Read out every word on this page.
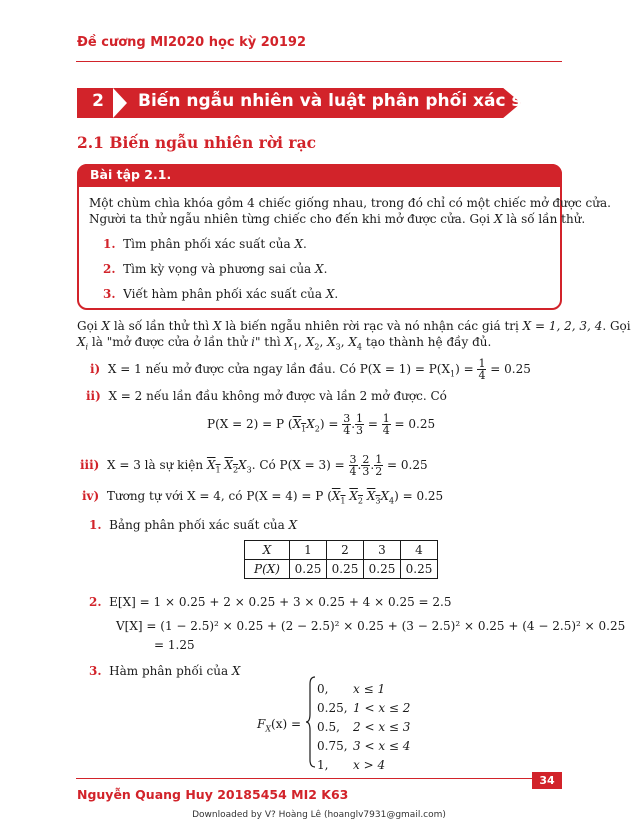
Đề cương MI2020 học kỳ 20192
2	Biến ngẫu nhiên và luật phân phối xác suất
2.1 Biến ngẫu nhiên rời rạc
Bài tập 2.1.
Một chùm chìa khóa gồm 4 chiếc giống nhau, trong đó chỉ có một chiếc mở được cửa.
Người ta thử ngẫu nhiên từng chiếc cho đến khi mở được cửa. Gọi X là số lần thử.
1. Tìm phân phối xác suất của X.
2. Tìm kỳ vọng và phương sai của X.
3. Viết hàm phân phối xác suất của X.
Gọi X là số lần thử thì X là biến ngẫu nhiên rời rạc và nó nhận các giá trị X = 1, 2, 3, 4. Gọi
$X_i$ là "mở được cửa ở lần thử i" thì $X_1$, $X_2$, $X_3$, $X_4$ tạo thành hệ đầy đủ.
i) X = 1 nếu mở được cửa ngay lần đầu. Có $P(X = 1) = P(X_1) = \frac{1}{4} = 0.25$
ii) X = 2 nếu lần đầu không mở được và lần 2 mở được. Có
P(X = 2) = P $(X_1X_2) = \frac{3}{4}$ . $\frac{1}{3} = \frac{1}{4} = 0.25$
iii) X = 3 là sự kiện $X_1$ $X_2X_3$. Có $P(X = 3) = \frac{3}{4}$ . $\frac{2}{3}$ . $\frac{1}{2} = 0.25$
iv) Tương tự với X = 4, có P(X = 4) = P ($X_1$ $X_2$ $X_3X_4) = 0.25$
1. Bảng phân phối xác suất của X
X	1	2	3	4
P(X)	0.25	0.25	0.25	0.25
2. E[X] = 1 × 0.25 + 2 × 0.25 + 3 × 0.25 + 4 × 0.25 = 2.5
V[X] = (1 − 2.5)² × 0.25 + (2 − 2.5)² × 0.25 + (3 − 2.5)² × 0.25 + (4 − 2.5)² × 0.25
= 1.25
3. Hàm phân phối của X
$F_X(x)$ =
0, x ≤ 1
0.25, 1 < x ≤ 2
0.5, 2 < x ≤ 3
0.75, 3 < x ≤ 4
1, x > 4
34
Nguyễn Quang Huy 20185454 MI2 K63
Downloaded by V? Hoàng Lê (hoanglv7931@gmail.com)
